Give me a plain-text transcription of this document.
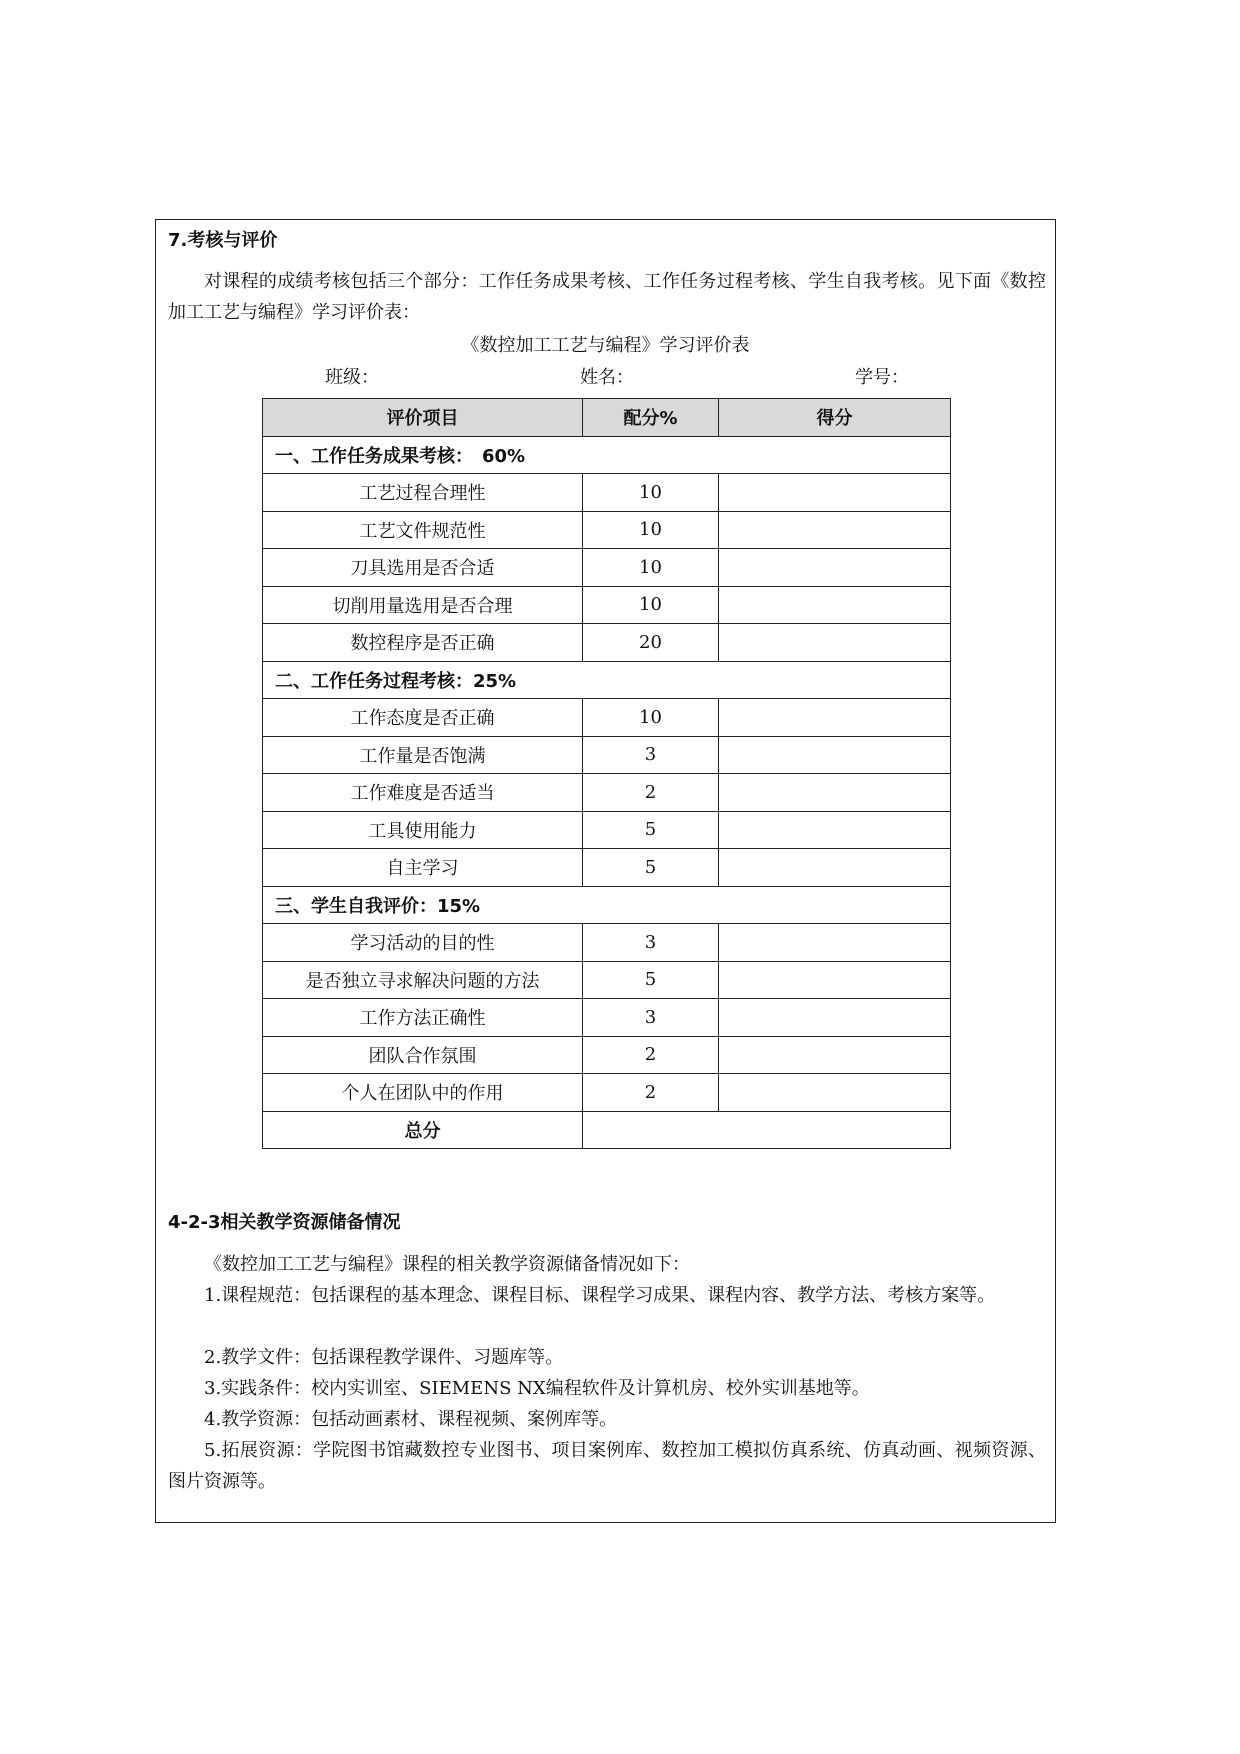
7.考核与评价
对课程的成绩考核包括三个部分：工作任务成果考核、工作任务过程考核、学生自我考核。见下面《数控加工工艺与编程》学习评价表：
《数控加工工艺与编程》学习评价表
班级：	姓名：	学号：
评价项目	配分%	得分
一、工作任务成果考核：　60%		
工艺过程合理性	10	
工艺文件规范性	10	
刀具选用是否合适	10	
切削用量选用是否合理	10	
数控程序是否正确	20	
二、工作任务过程考核：25%		
工作态度是否正确	10	
工作量是否饱满	3	
工作难度是否适当	2	
工具使用能力	5	
自主学习	5	
三、学生自我评价：15%		
学习活动的目的性	3	
是否独立寻求解决问题的方法	5	
工作方法正确性	3	
团队合作氛围	2	
个人在团队中的作用	2	
总分		
4-2-3相关教学资源储备情况
《数控加工工艺与编程》课程的相关教学资源储备情况如下：
1.课程规范：包括课程的基本理念、课程目标、课程学习成果、课程内容、教学方法、考核方案等。
2.教学文件：包括课程教学课件、习题库等。
3.实践条件：校内实训室、SIEMENS NX编程软件及计算机房、校外实训基地等。
4.教学资源：包括动画素材、课程视频、案例库等。
5.拓展资源：学院图书馆藏数控专业图书、项目案例库、数控加工模拟仿真系统、仿真动画、视频资源、图片资源等。
